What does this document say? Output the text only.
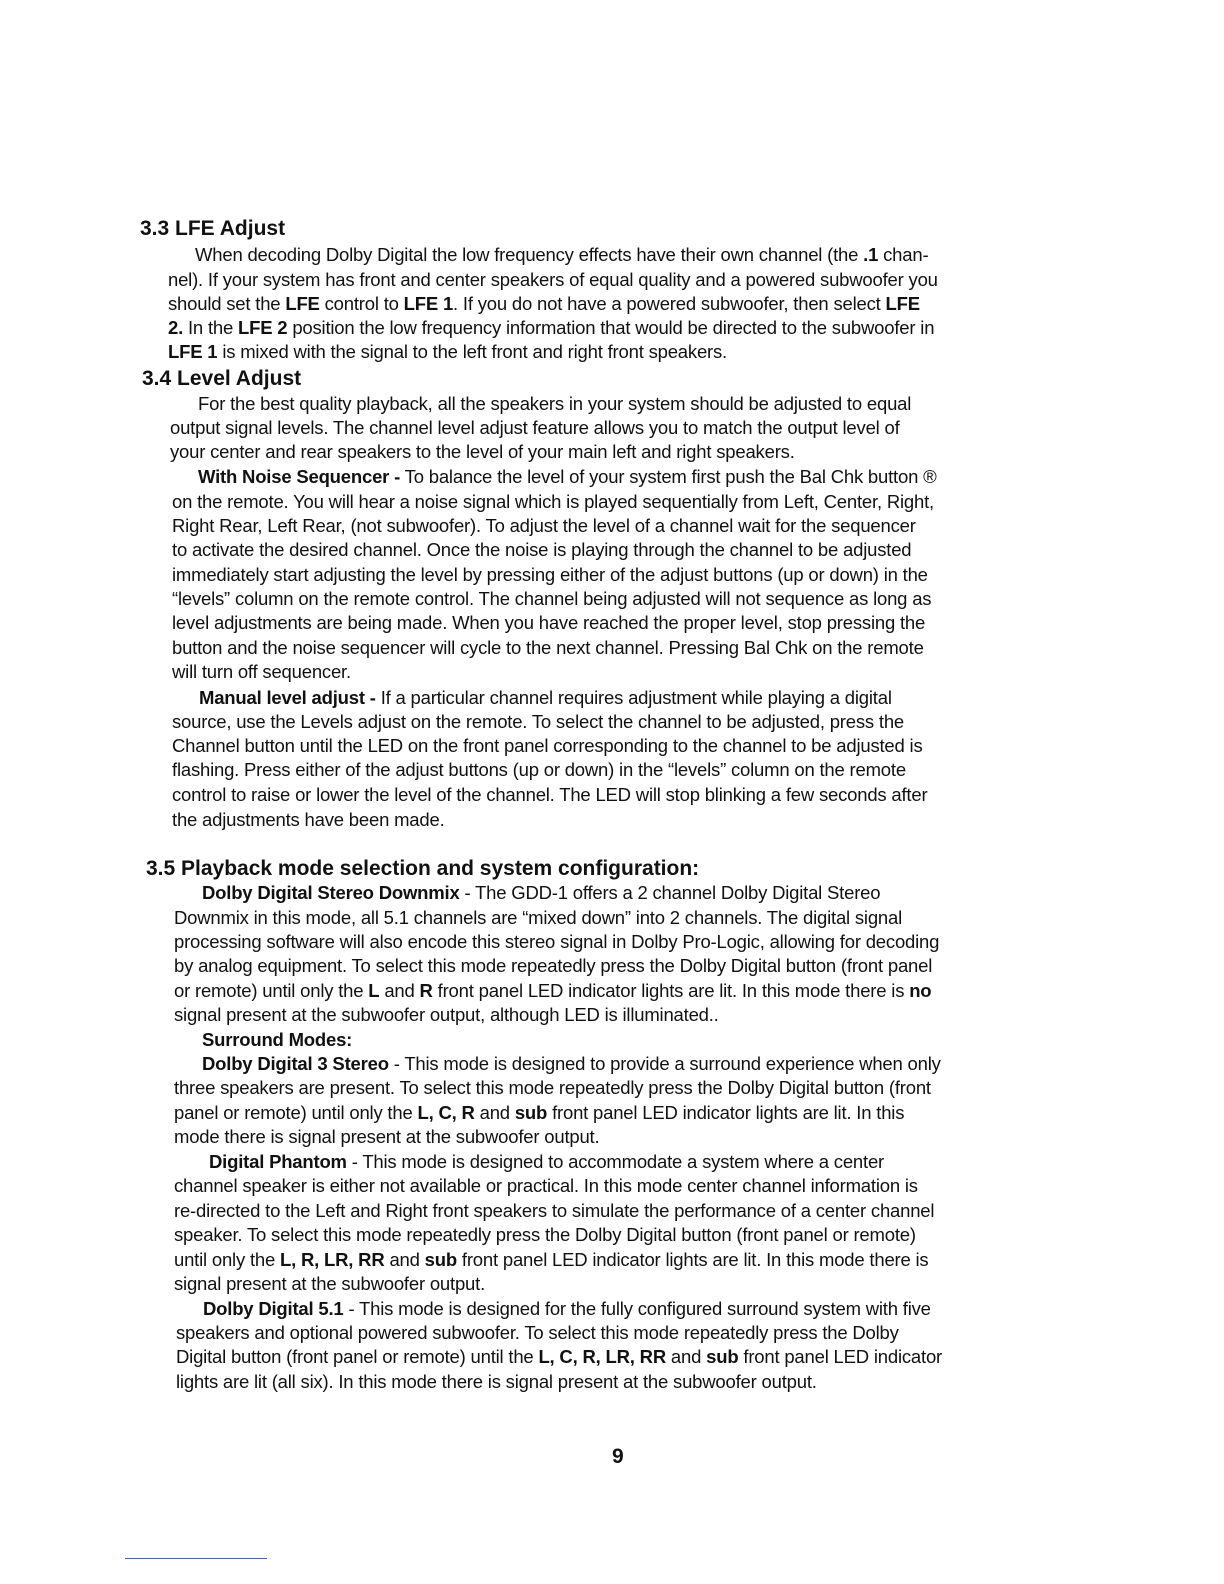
3.3 LFE Adjust
When decoding Dolby Digital the low frequency effects have their own channel (the .1 chan-
nel). If your system has front and center speakers of equal quality and a powered subwoofer you
should set the LFE control to LFE 1. If you do not have a powered subwoofer, then select LFE
2. In the LFE 2 position the low frequency information that would be directed to the subwoofer in
LFE 1 is mixed with the signal to the left front and right front speakers.
3.4 Level Adjust
For the best quality playback, all the speakers in your system should be adjusted to equal
output signal levels. The channel level adjust feature allows you to match the output level of
your center and rear speakers to the level of your main left and right speakers.
With Noise Sequencer - To balance the level of your system first push the Bal Chk button ®
on the remote. You will hear a noise signal which is played sequentially from Left, Center, Right,
Right Rear, Left Rear, (not subwoofer). To adjust the level of a channel wait for the sequencer
to activate the desired channel. Once the noise is playing through the channel to be adjusted
immediately start adjusting the level by pressing either of the adjust buttons (up or down) in the
“levels” column on the remote control. The channel being adjusted will not sequence as long as
level adjustments are being made. When you have reached the proper level, stop pressing the
button and the noise sequencer will cycle to the next channel. Pressing Bal Chk on the remote
will turn off sequencer.
Manual level adjust - If a particular channel requires adjustment while playing a digital
source, use the Levels adjust on the remote. To select the channel to be adjusted, press the
Channel button until the LED on the front panel corresponding to the channel to be adjusted is
flashing. Press either of the adjust buttons (up or down) in the “levels” column on the remote
control to raise or lower the level of the channel. The LED will stop blinking a few seconds after
the adjustments have been made.
3.5 Playback mode selection and system configuration:
Dolby Digital Stereo Downmix - The GDD-1 offers a 2 channel Dolby Digital Stereo
Downmix in this mode, all 5.1 channels are “mixed down” into 2 channels. The digital signal
processing software will also encode this stereo signal in Dolby Pro-Logic, allowing for decoding
by analog equipment. To select this mode repeatedly press the Dolby Digital button (front panel
or remote) until only the L and R front panel LED indicator lights are lit. In this mode there is no
signal present at the subwoofer output, although LED is illuminated..
Surround Modes:
Dolby Digital 3 Stereo - This mode is designed to provide a surround experience when only
three speakers are present. To select this mode repeatedly press the Dolby Digital button (front
panel or remote) until only the L, C, R and sub front panel LED indicator lights are lit. In this
mode there is signal present at the subwoofer output.
Digital Phantom - This mode is designed to accommodate a system where a center
channel speaker is either not available or practical. In this mode center channel information is
re-directed to the Left and Right front speakers to simulate the performance of a center channel
speaker. To select this mode repeatedly press the Dolby Digital button (front panel or remote)
until only the L, R, LR, RR and sub front panel LED indicator lights are lit. In this mode there is
signal present at the subwoofer output.
Dolby Digital 5.1 - This mode is designed for the fully configured surround system with five
speakers and optional powered subwoofer. To select this mode repeatedly press the Dolby
Digital button (front panel or remote) until the L, C, R, LR, RR and sub front panel LED indicator
lights are lit (all six). In this mode there is signal present at the subwoofer output.
9
